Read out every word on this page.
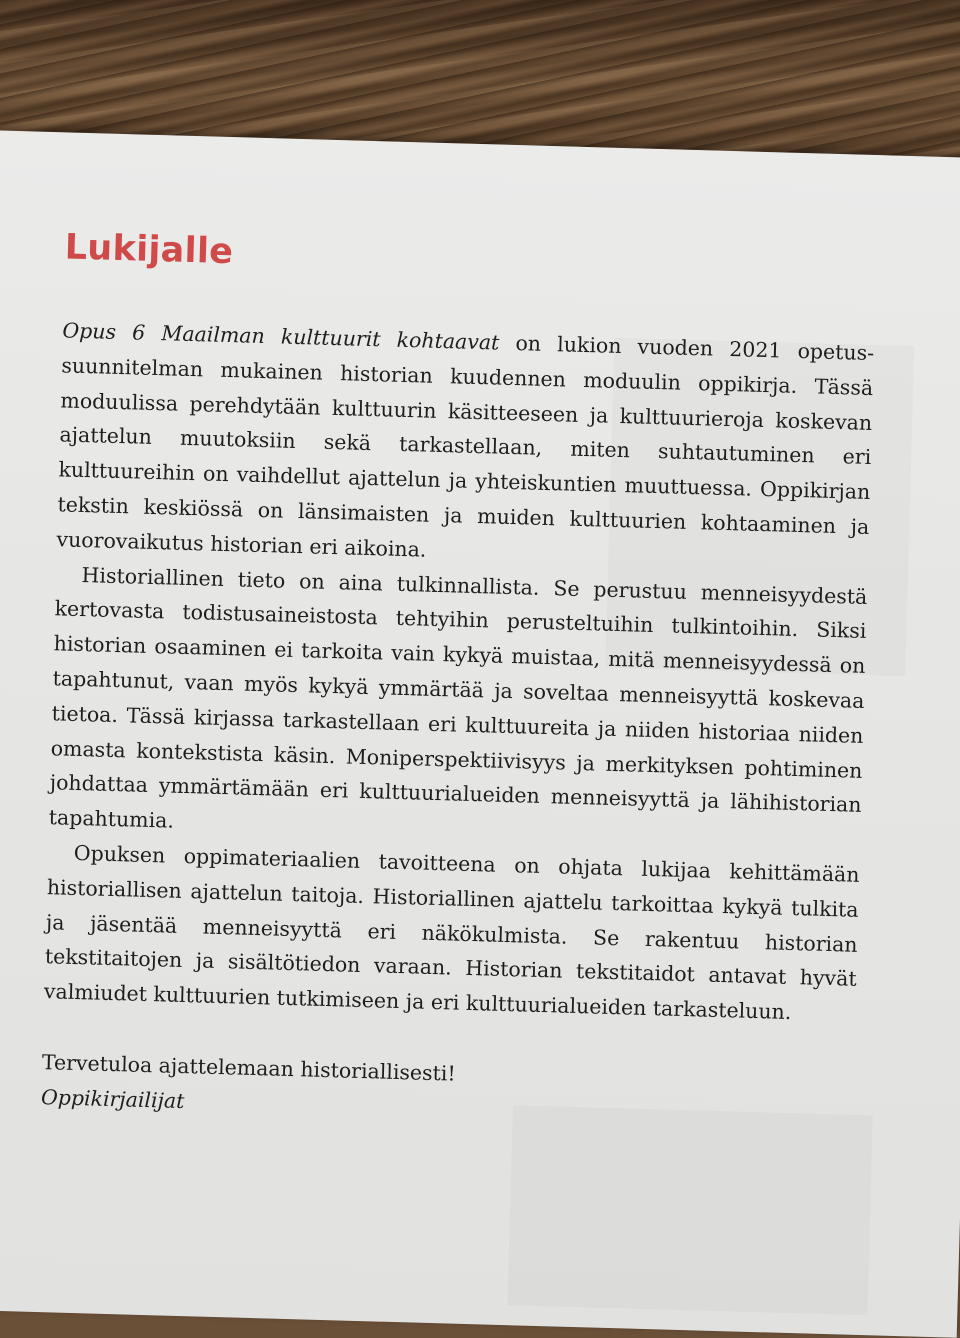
Lukijalle

Opus 6 Maailman kulttuurit kohtaavat on lukion vuoden 2021 opetussuunnitelman mukainen historian kuudennen moduulin oppikirja. Tässä moduulissa perehdytään kulttuurin käsitteeseen ja kulttuurieroja koskevan ajattelun muutoksiin sekä tarkastellaan, miten suhtautuminen eri kulttuureihin on vaihdellut ajattelun ja yhteiskuntien muuttuessa. Oppikirjan tekstin keskiössä on länsimaisten ja muiden kulttuurien kohtaaminen ja vuorovaikutus historian eri aikoina.

Historiallinen tieto on aina tulkinnallista. Se perustuu menneisyydestä kertovasta todistusaineistosta tehtyihin perusteltuihin tulkintoihin. Siksi historian osaaminen ei tarkoita vain kykyä muistaa, mitä menneisyydessä on tapahtunut, vaan myös kykyä ymmärtää ja soveltaa menneisyyttä koskevaa tietoa. Tässä kirjassa tarkastellaan eri kulttuureita ja niiden historiaa niiden omasta kontekstista käsin. Moniperspektiivisyys ja merkityksen pohtiminen johdattaa ymmärtämään eri kulttuurialueiden menneisyyttä ja lähihistorian tapahtumia.

Opuksen oppimateriaalien tavoitteena on ohjata lukijaa kehittämään historiallisen ajattelun taitoja. Historiallinen ajattelu tarkoittaa kykyä tulkita ja jäsentää menneisyyttä eri näkökulmista. Se rakentuu historian tekstitaitojen ja sisältötiedon varaan. Historian tekstitaidot antavat hyvät valmiudet kulttuurien tutkimiseen ja eri kulttuurialueiden tarkasteluun.

Tervetuloa ajattelemaan historiallisesti!
Oppikirjailijat
